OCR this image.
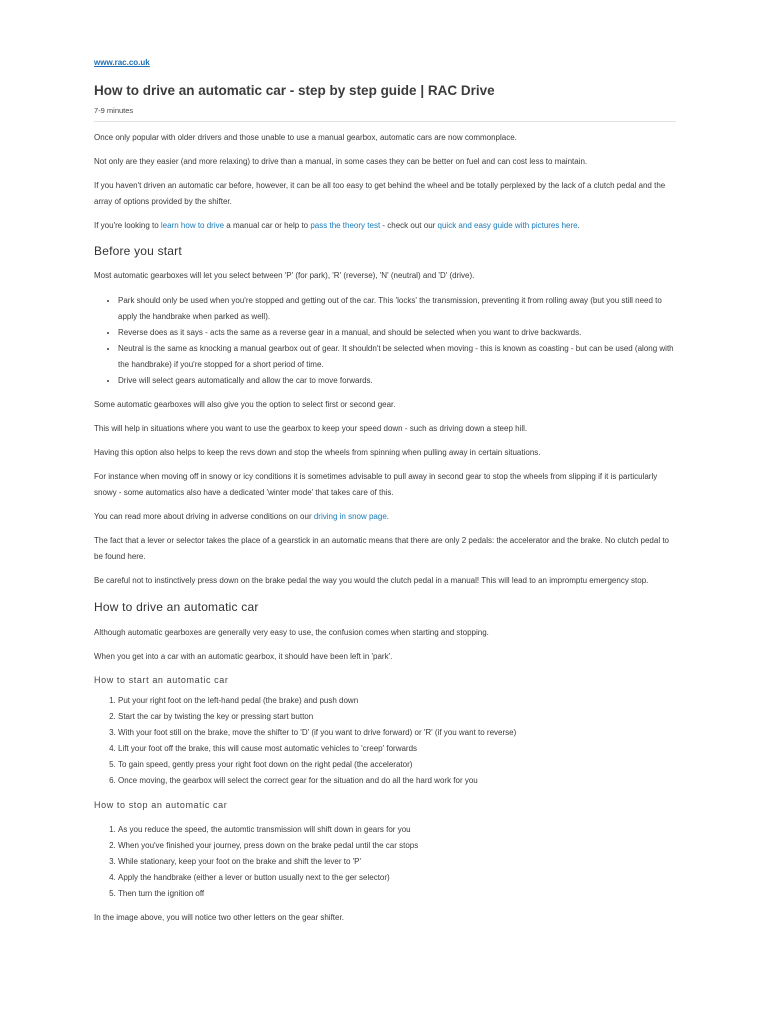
www.rac.co.uk
How to drive an automatic car - step by step guide | RAC Drive
7-9 minutes

Once only popular with older drivers and those unable to use a manual gearbox, automatic cars are now commonplace.

Not only are they easier (and more relaxing) to drive than a manual, in some cases they can be better on fuel and can cost less to maintain.

If you haven't driven an automatic car before, however, it can be all too easy to get behind the wheel and be totally perplexed by the lack of a clutch pedal and the array of options provided by the shifter.

If you're looking to learn how to drive a manual car or help to pass the theory test - check out our quick and easy guide with pictures here.

Before you start

Most automatic gearboxes will let you select between 'P' (for park), 'R' (reverse), 'N' (neutral) and 'D' (drive).

• Park should only be used when you're stopped and getting out of the car. This 'locks' the transmission, preventing it from rolling away (but you still need to apply the handbrake when parked as well).
• Reverse does as it says - acts the same as a reverse gear in a manual, and should be selected when you want to drive backwards.
• Neutral is the same as knocking a manual gearbox out of gear. It shouldn't be selected when moving - this is known as coasting - but can be used (along with the handbrake) if you're stopped for a short period of time.
• Drive will select gears automatically and allow the car to move forwards.

Some automatic gearboxes will also give you the option to select first or second gear.

This will help in situations where you want to use the gearbox to keep your speed down - such as driving down a steep hill.

Having this option also helps to keep the revs down and stop the wheels from spinning when pulling away in certain situations.

For instance when moving off in snowy or icy conditions it is sometimes advisable to pull away in second gear to stop the wheels from slipping if it is particularly snowy - some automatics also have a dedicated 'winter mode' that takes care of this.

You can read more about driving in adverse conditions on our driving in snow page.

The fact that a lever or selector takes the place of a gearstick in an automatic means that there are only 2 pedals: the accelerator and the brake. No clutch pedal to be found here.

Be careful not to instinctively press down on the brake pedal the way you would the clutch pedal in a manual! This will lead to an impromptu emergency stop.

How to drive an automatic car

Although automatic gearboxes are generally very easy to use, the confusion comes when starting and stopping.

When you get into a car with an automatic gearbox, it should have been left in 'park'.

How to start an automatic car
1. Put your right foot on the left-hand pedal (the brake) and push down
2. Start the car by twisting the key or pressing start button
3. With your foot still on the brake, move the shifter to 'D' (if you want to drive forward) or 'R' (if you want to reverse)
4. Lift your foot off the brake, this will cause most automatic vehicles to 'creep' forwards
5. To gain speed, gently press your right foot down on the right pedal (the accelerator)
6. Once moving, the gearbox will select the correct gear for the situation and do all the hard work for you
How to stop an automatic car
1. As you reduce the speed, the automtic transmission will shift down in gears for you
2. When you've finished your journey, press down on the brake pedal until the car stops
3. While stationary, keep your foot on the brake and shift the lever to 'P'
4. Apply the handbrake (either a lever or button usually next to the ger selector)
5. Then turn the ignition off

In the image above, you will notice two other letters on the gear shifter.
